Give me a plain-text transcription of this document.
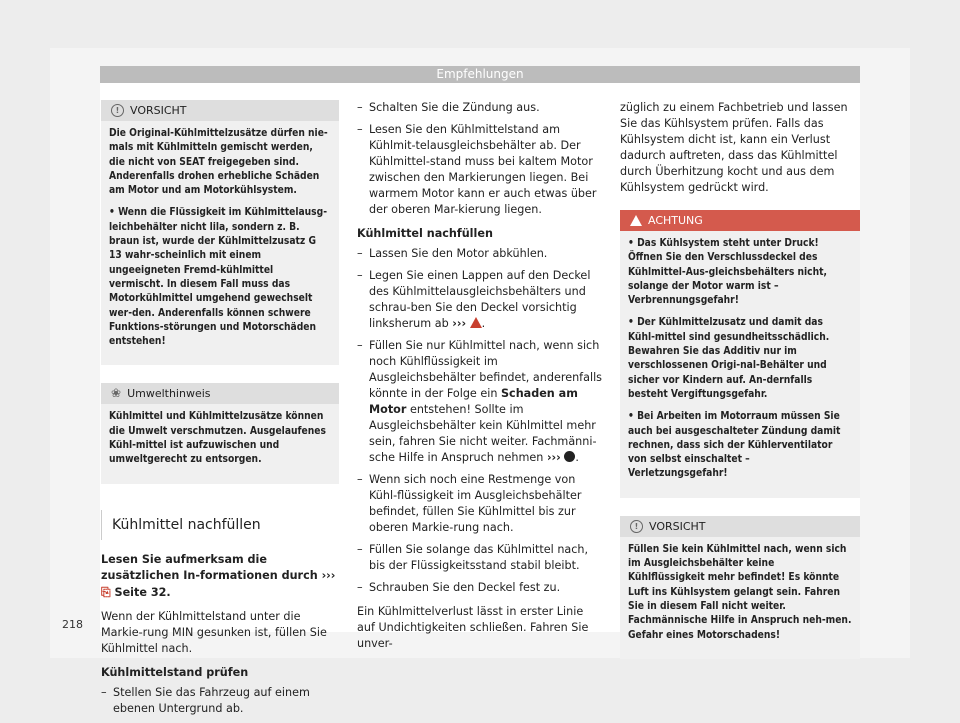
Empfehlungen
! VORSICHT

Die Original-Kühlmittelzusätze dürfen nie-mals mit Kühlmitteln gemischt werden, die nicht von SEAT freigegeben sind. Anderenfalls drohen erhebliche Schäden am Motor und am Motorkühlsystem.

• Wenn die Flüssigkeit im Kühlmittelausg-leichbehälter nicht lila, sondern z. B. braun ist, wurde der Kühlmittelzusatz G 13 wahr-scheinlich mit einem ungeeigneten Fremd-kühlmittel vermischt. In diesem Fall muss das Motorkühlmittel umgehend gewechselt wer-den. Anderenfalls können schwere Funktions-störungen und Motorschäden entstehen!

❀ Umwelthinweis

Kühlmittel und Kühlmittelzusätze können die Umwelt verschmutzen. Ausgelaufenes Kühl-mittel ist aufzuwischen und umweltgerecht zu entsorgen.

Kühlmittel nachfüllen

Lesen Sie aufmerksam die zusätzlichen In-formationen durch ››› ⎘ Seite 32.

Wenn der Kühlmittelstand unter die Markie-rung MIN gesunken ist, füllen Sie Kühlmittel nach.

Kühlmittelstand prüfen
– Stellen Sie das Fahrzeug auf einem ebenen Untergrund ab.
– Schalten Sie die Zündung aus.
– Lesen Sie den Kühlmittelstand am Kühlmit-telausgleichsbehälter ab. Der Kühlmittel-stand muss bei kaltem Motor zwischen den Markierungen liegen. Bei warmem Motor kann er auch etwas über der oberen Mar-kierung liegen.
Kühlmittel nachfüllen
– Lassen Sie den Motor abkühlen.
– Legen Sie einen Lappen auf den Deckel des Kühlmittelausgleichsbehälters und schrau-ben Sie den Deckel vorsichtig linksherum ab ››› .
– Füllen Sie nur Kühlmittel nach, wenn sich noch Kühlflüssigkeit im Ausgleichsbehälter befindet, anderenfalls könnte in der Folge ein Schaden am Motor entstehen! Sollte im Ausgleichsbehälter kein Kühlmittel mehr sein, fahren Sie nicht weiter. Fachmänni-sche Hilfe in Anspruch nehmen ››› .
– Wenn sich noch eine Restmenge von Kühl-flüssigkeit im Ausgleichsbehälter befindet, füllen Sie Kühlmittel bis zur oberen Markie-rung nach.
– Füllen Sie solange das Kühlmittel nach, bis der Flüssigkeitsstand stabil bleibt.
– Schrauben Sie den Deckel fest zu.

Ein Kühlmittelverlust lässt in erster Linie auf Undichtigkeiten schließen. Fahren Sie unver-

züglich zu einem Fachbetrieb und lassen Sie das Kühlsystem prüfen. Falls das Kühlsystem dicht ist, kann ein Verlust dadurch auftreten, dass das Kühlmittel durch Überhitzung kocht und aus dem Kühlsystem gedrückt wird.

ACHTUNG

• Das Kühlsystem steht unter Druck! Öffnen Sie den Verschlussdeckel des Kühlmittel-Aus-gleichsbehälters nicht, solange der Motor warm ist – Verbrennungsgefahr!

• Der Kühlmittelzusatz und damit das Kühl-mittel sind gesundheitsschädlich. Bewahren Sie das Additiv nur im verschlossenen Origi-nal-Behälter und sicher vor Kindern auf. An-dernfalls besteht Vergiftungsgefahr.

• Bei Arbeiten im Motorraum müssen Sie auch bei ausgeschalteter Zündung damit rechnen, dass sich der Kühlerventilator von selbst einschaltet – Verletzungsgefahr!

! VORSICHT

Füllen Sie kein Kühlmittel nach, wenn sich im Ausgleichsbehälter keine Kühlflüssigkeit mehr befindet! Es könnte Luft ins Kühlsystem gelangt sein. Fahren Sie in diesem Fall nicht weiter. Fachmännische Hilfe in Anspruch neh-men. Gefahr eines Motorschadens!

218
